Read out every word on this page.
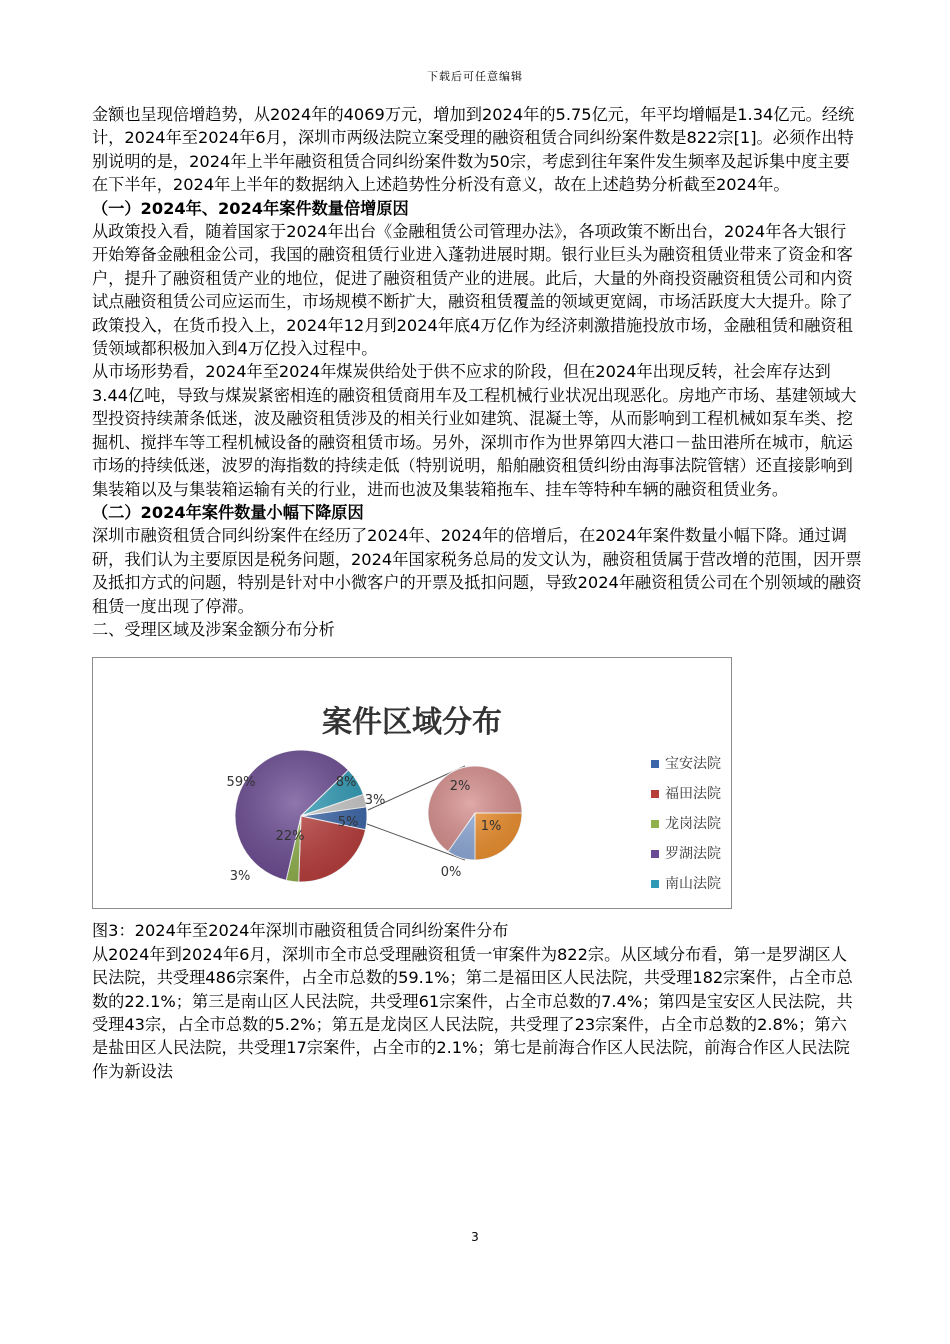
下载后可任意编辑

金额也呈现倍增趋势，从2024年的4069万元，增加到2024年的5.75亿元，年平均增幅是1.34亿元。经统计，2024年至2024年6月，深圳市两级法院立案受理的融资租赁合同纠纷案件数是822宗[1]。必须作出特别说明的是，2024年上半年融资租赁合同纠纷案件数为50宗，考虑到往年案件发生频率及起诉集中度主要在下半年，2024年上半年的数据纳入上述趋势性分析没有意义，故在上述趋势分析截至2024年。

（一）2024年、2024年案件数量倍增原因

从政策投入看，随着国家于2024年出台《金融租赁公司管理办法》，各项政策不断出台，2024年各大银行开始筹备金融租金公司，我国的融资租赁行业进入蓬勃进展时期。银行业巨头为融资租赁业带来了资金和客户，提升了融资租赁产业的地位，促进了融资租赁产业的进展。此后，大量的外商投资融资租赁公司和内资试点融资租赁公司应运而生，市场规模不断扩大，融资租赁覆盖的领域更宽阔，市场活跃度大大提升。除了政策投入，在货币投入上，2024年12月到2024年底4万亿作为经济刺激措施投放市场，金融租赁和融资租赁领域都积极加入到4万亿投入过程中。

从市场形势看，2024年至2024年煤炭供给处于供不应求的阶段，但在2024年出现反转，社会库存达到3.44亿吨，导致与煤炭紧密相连的融资租赁商用车及工程机械行业状况出现恶化。房地产市场、基建领域大型投资持续萧条低迷，波及融资租赁涉及的相关行业如建筑、混凝土等，从而影响到工程机械如泵车类、挖掘机、搅拌车等工程机械设备的融资租赁市场。另外，深圳市作为世界第四大港口－盐田港所在城市，航运市场的持续低迷，波罗的海指数的持续走低（特别说明，船舶融资租赁纠纷由海事法院管辖）还直接影响到集装箱以及与集装箱运输有关的行业，进而也波及集装箱拖车、挂车等特种车辆的融资租赁业务。

（二）2024年案件数量小幅下降原因

深圳市融资租赁合同纠纷案件在经历了2024年、2024年的倍增后，在2024年案件数量小幅下降。通过调研，我们认为主要原因是税务问题，2024年国家税务总局的发文认为，融资租赁属于营改增的范围，因开票及抵扣方式的问题，特别是针对中小微客户的开票及抵扣问题，导致2024年融资租赁公司在个别领域的融资租赁一度出现了停滞。

二、受理区域及涉案金额分布分析

案件区域分布
5%
22%
3%
59%	8%
3%
2%
1%
0%
宝安法院
福田法院
龙岗法院
罗湖法院
南山法院

图3：2024年至2024年深圳市融资租赁合同纠纷案件分布

从2024年到2024年6月，深圳市全市总受理融资租赁一审案件为822宗。从区域分布看，第一是罗湖区人民法院，共受理486宗案件，占全市总数的59.1%；第二是福田区人民法院，共受理182宗案件，占全市总数的22.1%；第三是南山区人民法院，共受理61宗案件，占全市总数的7.4%；第四是宝安区人民法院，共受理43宗，占全市总数的5.2%；第五是龙岗区人民法院，共受理了23宗案件，占全市总数的2.8%；第六是盐田区人民法院，共受理17宗案件，占全市的2.1%；第七是前海合作区人民法院，前海合作区人民法院作为新设法

3
